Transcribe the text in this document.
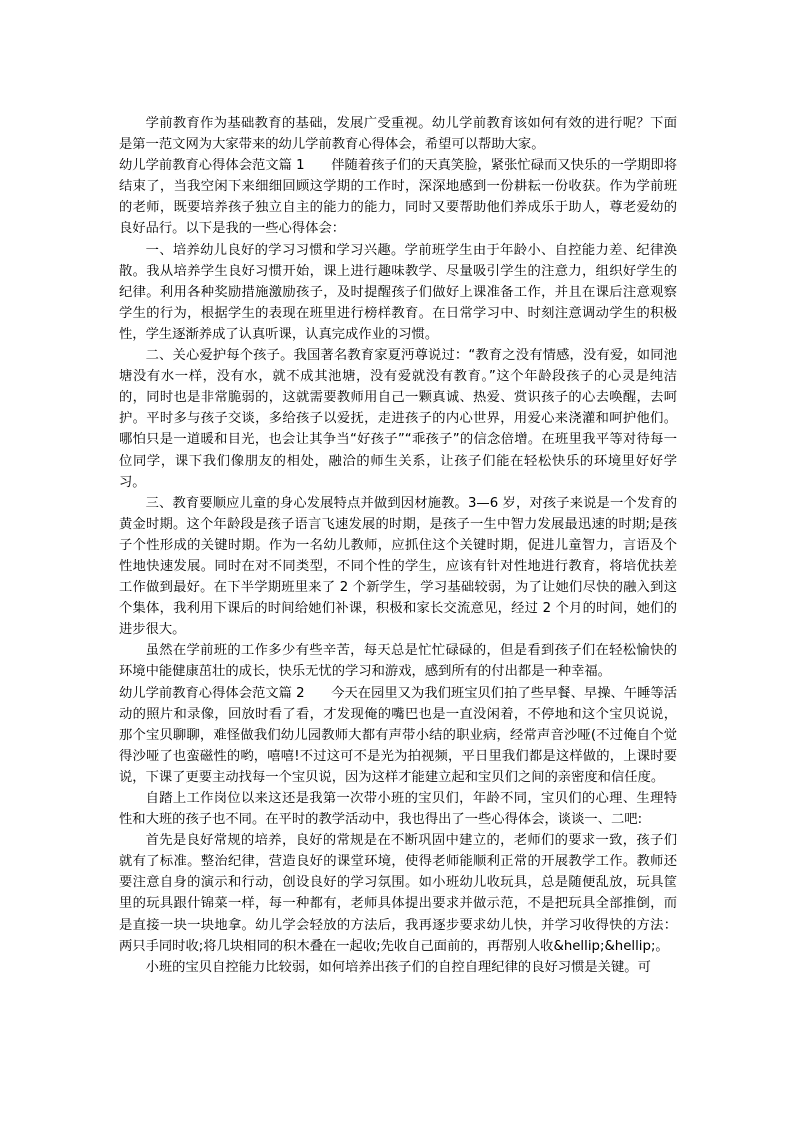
学前教育作为基础教育的基础，发展广受重视。幼儿学前教育该如何有效的进行呢？下面是第一范文网为大家带来的幼儿学前教育心得体会，希望可以帮助大家。

幼儿学前教育心得体会范文篇 1　　伴随着孩子们的天真笑脸，紧张忙碌而又快乐的一学期即将结束了，当我空闲下来细细回顾这学期的工作时，深深地感到一份耕耘一份收获。作为学前班的老师，既要培养孩子独立自主的能力的能力，同时又要帮助他们养成乐于助人，尊老爱幼的良好品行。以下是我的一些心得体会：

一、培养幼儿良好的学习习惯和学习兴趣。学前班学生由于年龄小、自控能力差、纪律涣散。我从培养学生良好习惯开始，课上进行趣味教学、尽量吸引学生的注意力，组织好学生的纪律。利用各种奖励措施激励孩子，及时提醒孩子们做好上课准备工作，并且在课后注意观察学生的行为，根据学生的表现在班里进行榜样教育。在日常学习中、时刻注意调动学生的积极性，学生逐渐养成了认真听课，认真完成作业的习惯。

二、关心爱护每个孩子。我国著名教育家夏沔尊说过：“教育之没有情感，没有爱，如同池塘没有水一样，没有水，就不成其池塘，没有爱就没有教育。”这个年龄段孩子的心灵是纯洁的，同时也是非常脆弱的，这就需要教师用自己一颗真诚、热爱、赏识孩子的心去唤醒，去呵护。平时多与孩子交谈，多给孩子以爱抚，走进孩子的内心世界，用爱心来浇灌和呵护他们。哪怕只是一道暖和目光，也会让其争当“好孩子”“乖孩子”的信念倍增。在班里我平等对待每一位同学，课下我们像朋友的相处，融洽的师生关系，让孩子们能在轻松快乐的环境里好好学习。

三、教育要顺应儿童的身心发展特点并做到因材施教。3—6 岁，对孩子来说是一个发育的黄金时期。这个年龄段是孩子语言飞速发展的时期，是孩子一生中智力发展最迅速的时期;是孩子个性形成的关键时期。作为一名幼儿教师，应抓住这个关键时期，促进儿童智力，言语及个性地快速发展。同时在对不同类型，不同个性的学生，应该有针对性地进行教育，将培优扶差工作做到最好。在下半学期班里来了 2 个新学生，学习基础较弱，为了让她们尽快的融入到这个集体，我利用下课后的时间给她们补课，积极和家长交流意见，经过 2 个月的时间，她们的进步很大。

虽然在学前班的工作多少有些辛苦，每天总是忙忙碌碌的，但是看到孩子们在轻松愉快的环境中能健康茁壮的成长，快乐无忧的学习和游戏，感到所有的付出都是一种幸福。

幼儿学前教育心得体会范文篇 2　　今天在园里又为我们班宝贝们拍了些早餐、早操、午睡等活动的照片和录像，回放时看了看，才发现俺的嘴巴也是一直没闲着，不停地和这个宝贝说说，那个宝贝聊聊，难怪做我们幼儿园教师大都有声带小结的职业病，经常声音沙哑(不过俺自个觉得沙哑了也蛮磁性的哟，嘻嘻!不过这可不是光为拍视频，平日里我们都是这样做的，上课时要说，下课了更要主动找每一个宝贝说，因为这样才能建立起和宝贝们之间的亲密度和信任度。

自踏上工作岗位以来这还是我第一次带小班的宝贝们，年龄不同，宝贝们的心理、生理特性和大班的孩子也不同。在平时的教学活动中，我也得出了一些心得体会，谈谈一、二吧:

首先是良好常规的培养，良好的常规是在不断巩固中建立的，老师们的要求一致，孩子们就有了标准。整治纪律，营造良好的课堂环境，使得老师能顺利正常的开展教学工作。教师还要注意自身的演示和行动，创设良好的学习氛围。如小班幼儿收玩具，总是随便乱放，玩具筐里的玩具跟什锦菜一样，每一种都有，老师具体提出要求并做示范，不是把玩具全部推倒，而是直接一块一块地拿。幼儿学会轻放的方法后，我再逐步要求幼儿快，并学习收得快的方法：两只手同时收;将几块相同的积木叠在一起收;先收自己面前的，再帮别人收&hellip;&hellip;。

小班的宝贝自控能力比较弱，如何培养出孩子们的自控自理纪律的良好习惯是关键。可
